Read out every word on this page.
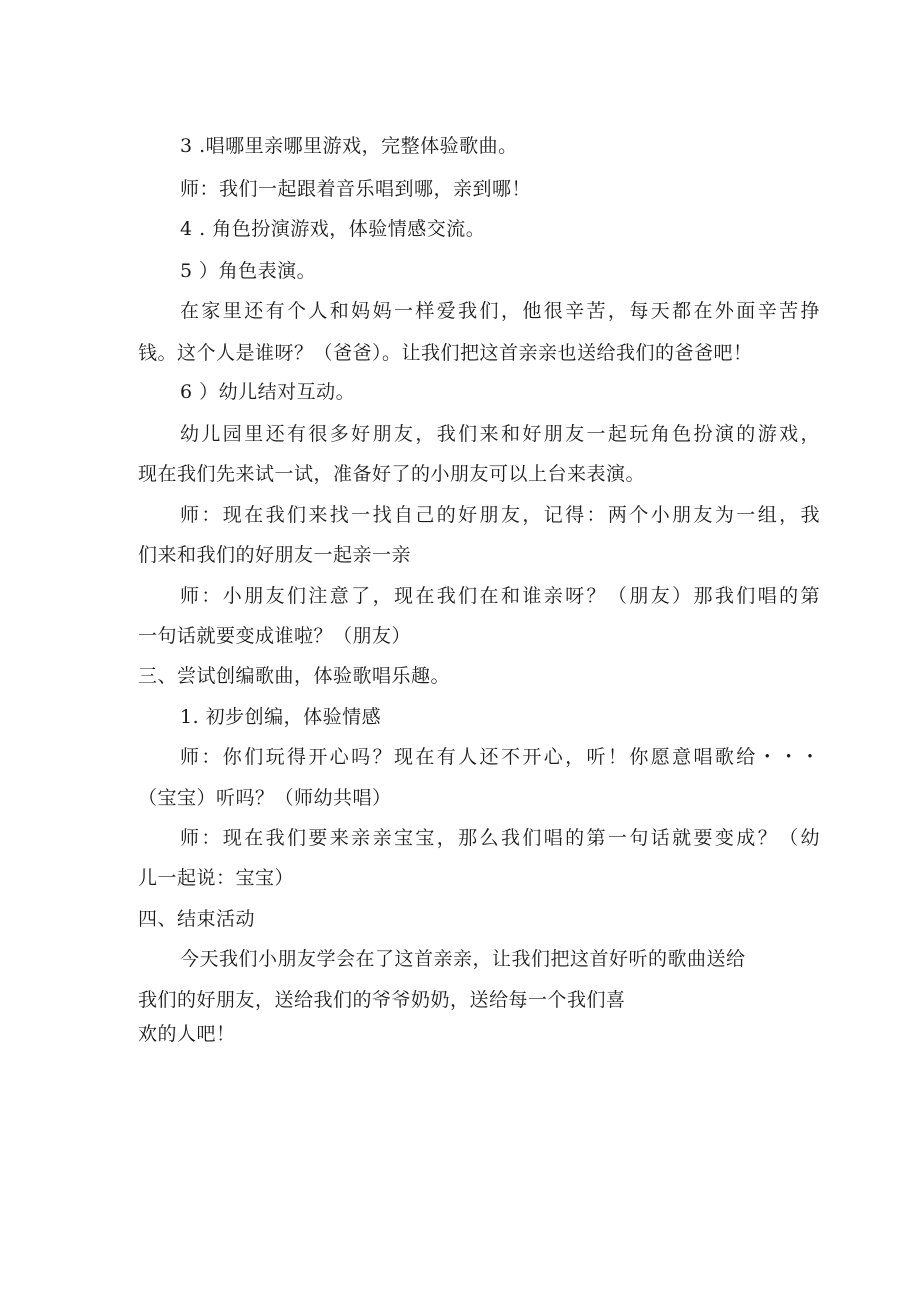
3 .唱哪里亲哪里游戏，完整体验歌曲。
师：我们一起跟着音乐唱到哪，亲到哪！
4 . 角色扮演游戏，体验情感交流。
5 ）角色表演。
在家里还有个人和妈妈一样爱我们，他很辛苦，每天都在外面辛苦挣
钱。这个人是谁呀？（爸爸）。让我们把这首亲亲也送给我们的爸爸吧！
6 ）幼儿结对互动。
幼儿园里还有很多好朋友，我们来和好朋友一起玩角色扮演的游戏，
现在我们先来试一试，准备好了的小朋友可以上台来表演。
师：现在我们来找一找自己的好朋友，记得：两个小朋友为一组，我
们来和我们的好朋友一起亲一亲
师：小朋友们注意了，现在我们在和谁亲呀？（朋友）那我们唱的第
一句话就要变成谁啦？（朋友）
三、尝试创编歌曲，体验歌唱乐趣。
1. 初步创编，体验情感
师：你们玩得开心吗？现在有人还不开心，听！你愿意唱歌给・・・
（宝宝）听吗？（师幼共唱）
师：现在我们要来亲亲宝宝，那么我们唱的第一句话就要变成？（幼
儿一起说：宝宝）
四、结束活动
今天我们小朋友学会在了这首亲亲，让我们把这首好听的歌曲送给
我们的好朋友，送给我们的爷爷奶奶，送给每一个我们喜
欢的人吧！
